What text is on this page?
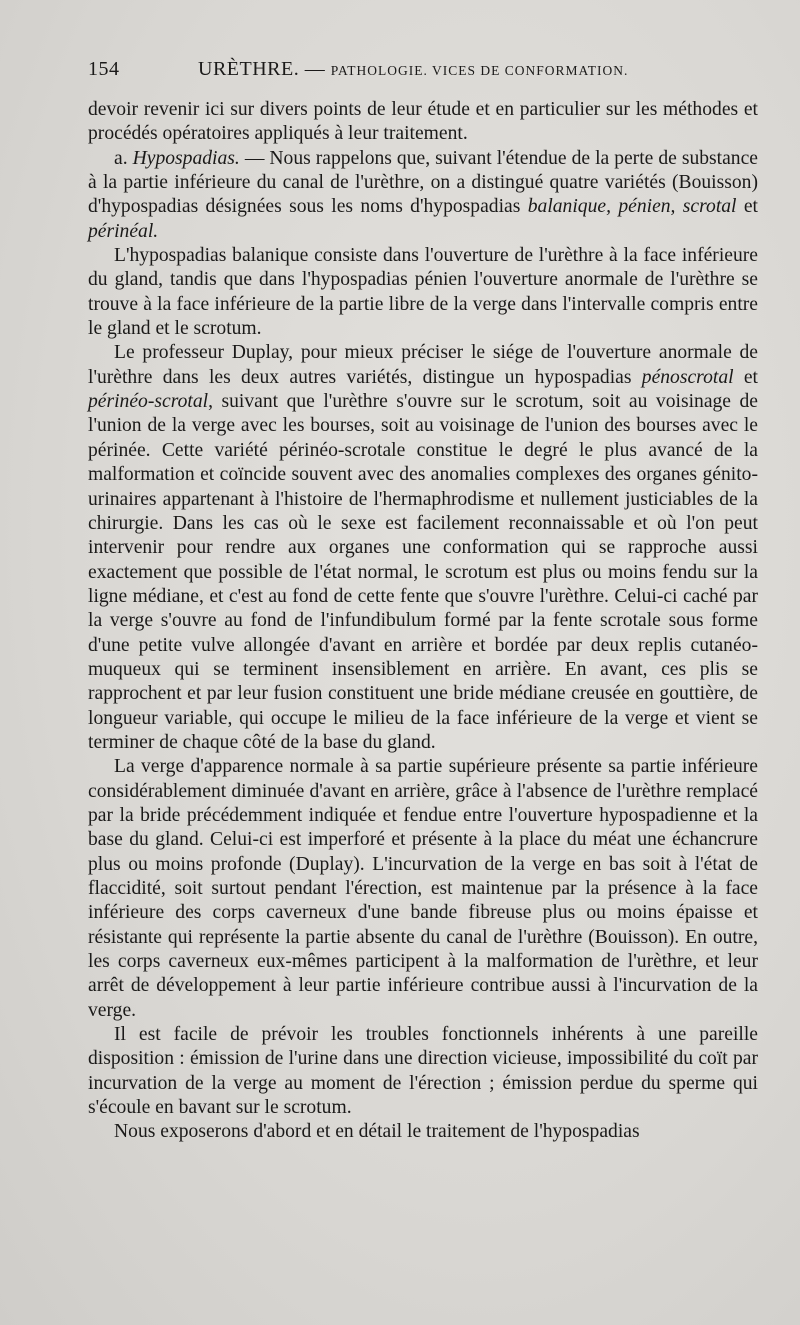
154	URÈTHRE. — PATHOLOGIE. VICES DE CONFORMATION.

devoir revenir ici sur divers points de leur étude et en particulier sur les méthodes et procédés opératoires appliqués à leur traitement.

a. Hypospadias. — Nous rappelons que, suivant l'étendue de la perte de substance à la partie inférieure du canal de l'urèthre, on a distingué quatre variétés (Bouisson) d'hypospadias désignées sous les noms d'hypospadias balanique, pénien, scrotal et périnéal.

L'hypospadias balanique consiste dans l'ouverture de l'urèthre à la face inférieure du gland, tandis que dans l'hypospadias pénien l'ouverture anormale de l'urèthre se trouve à la face inférieure de la partie libre de la verge dans l'intervalle compris entre le gland et le scrotum.

Le professeur Duplay, pour mieux préciser le siége de l'ouverture anormale de l'urèthre dans les deux autres variétés, distingue un hypospadias pénoscrotal et périnéo-scrotal, suivant que l'urèthre s'ouvre sur le scrotum, soit au voisinage de l'union de la verge avec les bourses, soit au voisinage de l'union des bourses avec le périnée. Cette variété périnéo-scrotale constitue le degré le plus avancé de la malformation et coïncide souvent avec des anomalies complexes des organes génito-urinaires appartenant à l'histoire de l'hermaphrodisme et nullement justiciables de la chirurgie. Dans les cas où le sexe est facilement reconnaissable et où l'on peut intervenir pour rendre aux organes une conformation qui se rapproche aussi exactement que possible de l'état normal, le scrotum est plus ou moins fendu sur la ligne médiane, et c'est au fond de cette fente que s'ouvre l'urèthre. Celui-ci caché par la verge s'ouvre au fond de l'infundibulum formé par la fente scrotale sous forme d'une petite vulve allongée d'avant en arrière et bordée par deux replis cutanéo-muqueux qui se terminent insensiblement en arrière. En avant, ces plis se rapprochent et par leur fusion constituent une bride médiane creusée en gouttière, de longueur variable, qui occupe le milieu de la face inférieure de la verge et vient se terminer de chaque côté de la base du gland.

La verge d'apparence normale à sa partie supérieure présente sa partie inférieure considérablement diminuée d'avant en arrière, grâce à l'absence de l'urèthre remplacé par la bride précédemment indiquée et fendue entre l'ouverture hypospadienne et la base du gland. Celui-ci est imperforé et présente à la place du méat une échancrure plus ou moins profonde (Duplay). L'incurvation de la verge en bas soit à l'état de flaccidité, soit surtout pendant l'érection, est maintenue par la présence à la face inférieure des corps caverneux d'une bande fibreuse plus ou moins épaisse et résistante qui représente la partie absente du canal de l'urèthre (Bouisson). En outre, les corps caverneux eux-mêmes participent à la malformation de l'urèthre, et leur arrêt de développement à leur partie inférieure contribue aussi à l'incurvation de la verge.

Il est facile de prévoir les troubles fonctionnels inhérents à une pareille disposition : émission de l'urine dans une direction vicieuse, impossibilité du coït par incurvation de la verge au moment de l'érection ; émission perdue du sperme qui s'écoule en bavant sur le scrotum.

Nous exposerons d'abord et en détail le traitement de l'hypospadias
